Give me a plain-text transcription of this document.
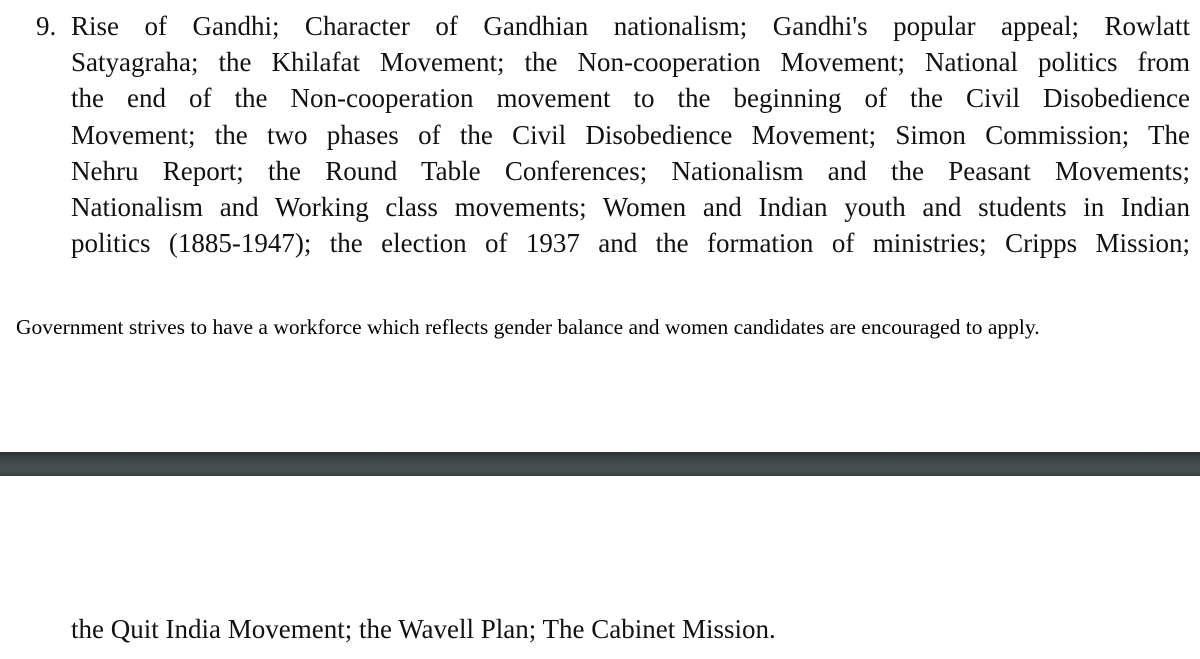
9. Rise of Gandhi; Character of Gandhian nationalism; Gandhi's popular appeal; Rowlatt
Satyagraha; the Khilafat Movement; the Non-cooperation Movement; National politics from
the end of the Non-cooperation movement to the beginning of the Civil Disobedience
Movement; the two phases of the Civil Disobedience Movement; Simon Commission; The
Nehru Report; the Round Table Conferences; Nationalism and the Peasant Movements;
Nationalism and Working class movements; Women and Indian youth and students in Indian
politics (1885-1947); the election of 1937 and the formation of ministries; Cripps Mission;
Government strives to have a workforce which reflects gender balance and women candidates are encouraged to apply.
the Quit India Movement; the Wavell Plan; The Cabinet Mission.
